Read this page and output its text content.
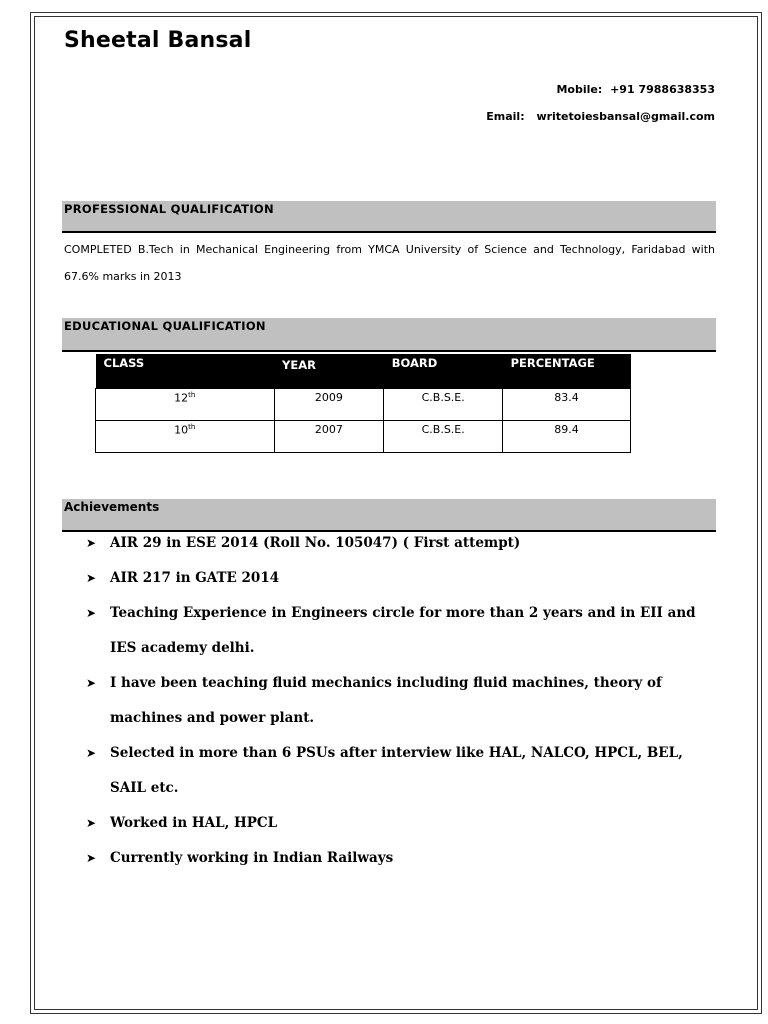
Sheetal Bansal
Mobile: +91 7988638353
Email: writetoiesbansal@gmail.com
PROFESSIONAL QUALIFICATION
COMPLETED B.Tech in Mechanical Engineering from YMCA University of Science and Technology, Faridabad with 67.6% marks in 2013
EDUCATIONAL QUALIFICATION
CLASS	YEAR	BOARD	PERCENTAGE
12th	2009	C.B.S.E.	83.4
10th	2007	C.B.S.E.	89.4
Achievements
➤ AIR 29 in ESE 2014 (Roll No. 105047) ( First attempt)
➤ AIR 217 in GATE 2014
➤ Teaching Experience in Engineers circle for more than 2 years and in EII and IES academy delhi.
➤ I have been teaching fluid mechanics including fluid machines, theory of machines and power plant.
➤ Selected in more than 6 PSUs after interview like HAL, NALCO, HPCL, BEL, SAIL etc.
➤ Worked in HAL, HPCL
➤ Currently working in Indian Railways
